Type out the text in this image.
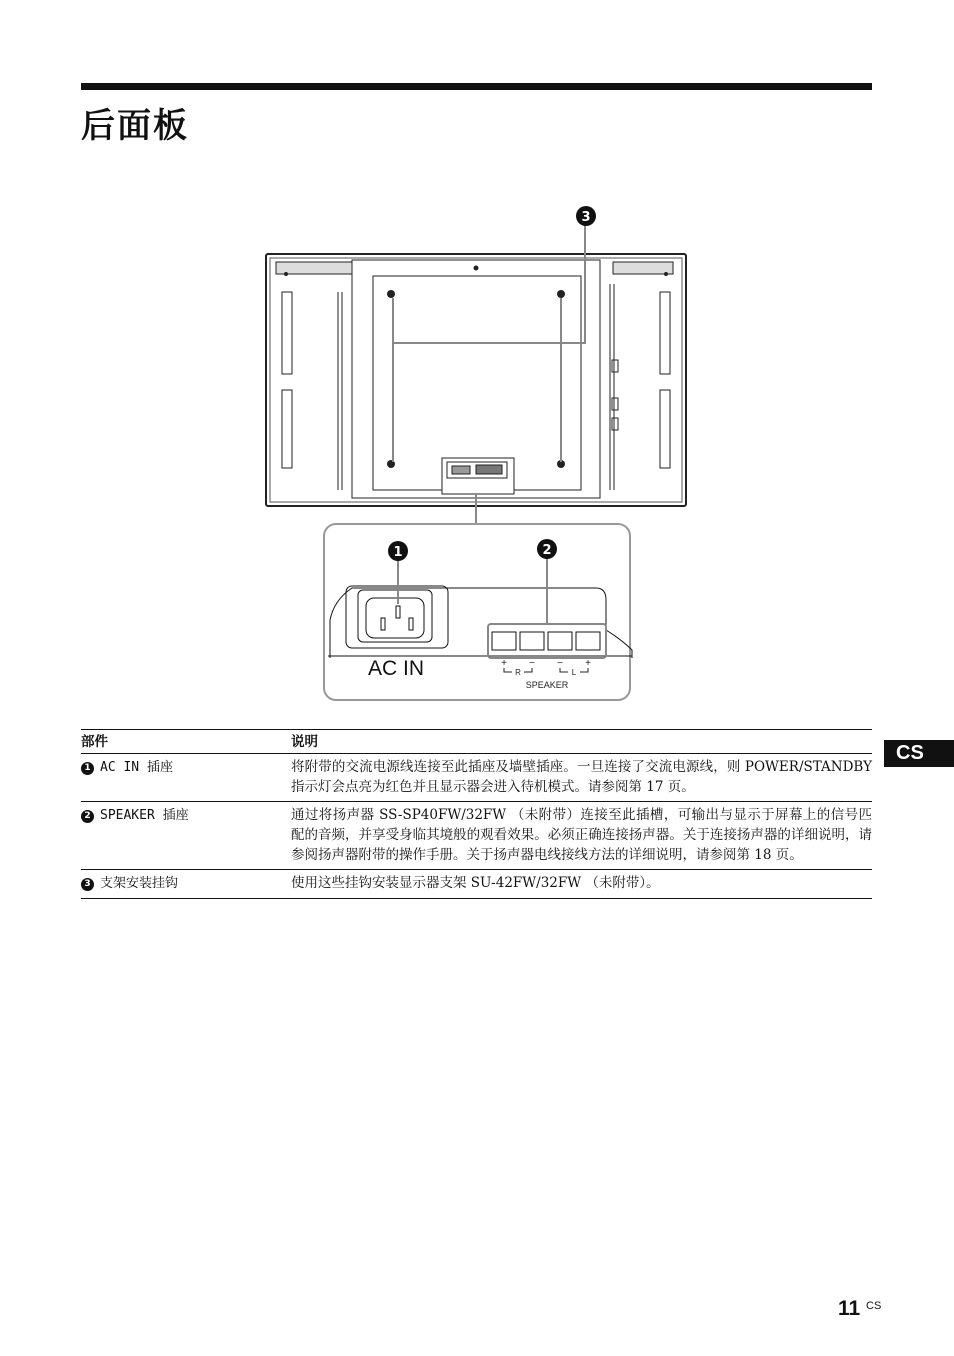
后面板
3
AC IN	+ − − +
R	L
SPEAKER
1	2
部件	说明
1 AC IN 插座	将附带的交流电源线连接至此插座及墙壁插座。一旦连接了交流电源线，则 POWER/STANDBY 指示灯会点亮为红色并且显示器会进入待机模式。请参阅第 17 页。
2 SPEAKER 插座	通过将扬声器 SS-SP40FW/32FW （未附带）连接至此插槽，可输出与显示于屏幕上的信号匹配的音频，并享受身临其境般的观看效果。必须正确连接扬声器。关于连接扬声器的详细说明，请参阅扬声器附带的操作手册。关于扬声器电线接线方法的详细说明，请参阅第 18 页。
3 支架安装挂钩	使用这些挂钩安装显示器支架 SU-42FW/32FW （未附带）。
CS
11 CS
